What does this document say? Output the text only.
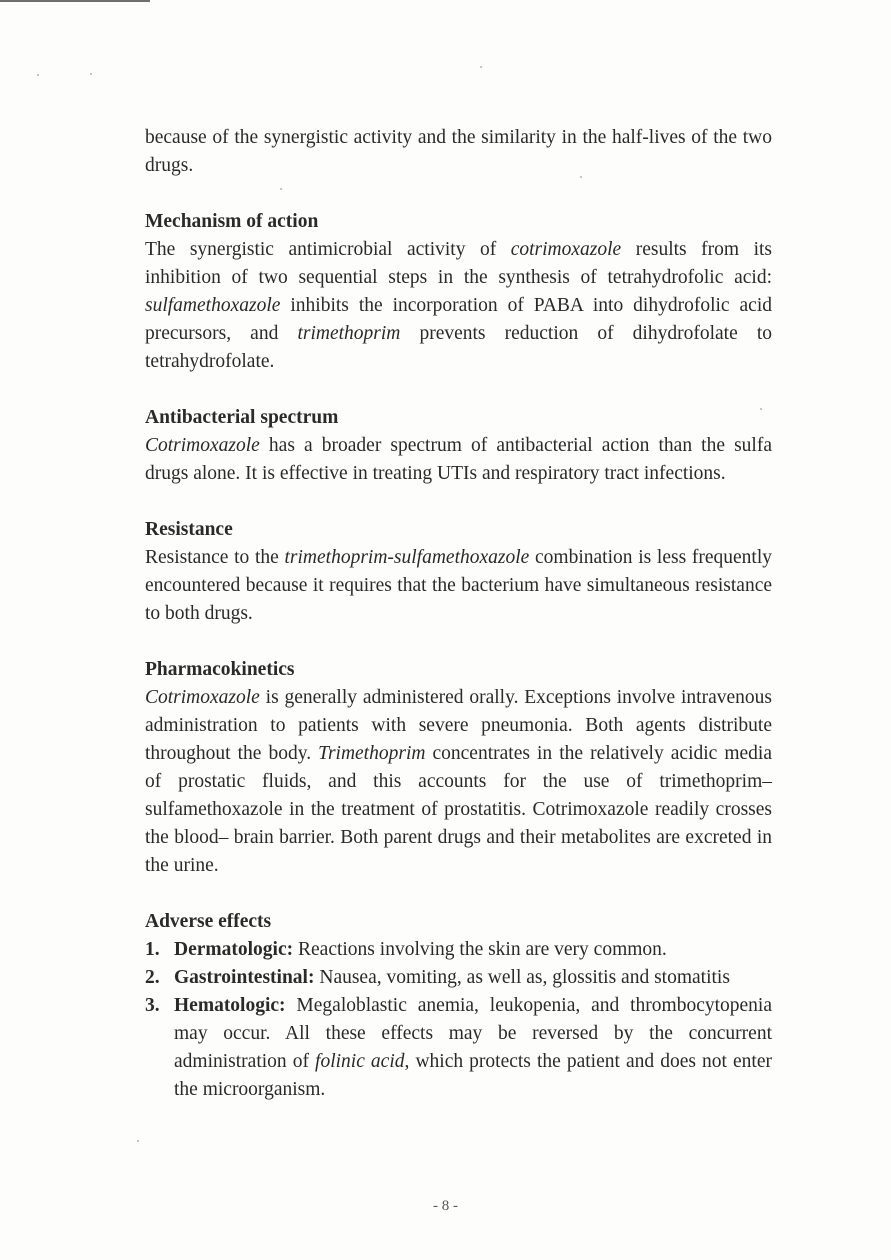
because of the synergistic activity and the similarity in the half-lives of the two drugs.

Mechanism of action

The synergistic antimicrobial activity of cotrimoxazole results from its inhibition of two sequential steps in the synthesis of tetrahydrofolic acid: sulfamethoxazole inhibits the incorporation of PABA into dihydrofolic acid precursors, and trimethoprim prevents reduction of dihydrofolate to tetrahydrofolate.

Antibacterial spectrum

Cotrimoxazole has a broader spectrum of antibacterial action than the sulfa drugs alone. It is effective in treating UTIs and respiratory tract infections.

Resistance

Resistance to the trimethoprim-sulfamethoxazole combination is less frequently encountered because it requires that the bacterium have simultaneous resistance to both drugs.

Pharmacokinetics

Cotrimoxazole is generally administered orally. Exceptions involve intravenous administration to patients with severe pneumonia. Both agents distribute throughout the body. Trimethoprim concentrates in the relatively acidic media of prostatic fluids, and this accounts for the use of trimethoprim–sulfamethoxazole in the treatment of prostatitis. Cotrimoxazole readily crosses the blood– brain barrier. Both parent drugs and their metabolites are excreted in the urine.

Adverse effects
1. Dermatologic: Reactions involving the skin are very common.
2. Gastrointestinal: Nausea, vomiting, as well as, glossitis and stomatitis
3. Hematologic: Megaloblastic anemia, leukopenia, and thrombocytopenia may occur. All these effects may be reversed by the concurrent administration of folinic acid, which protects the patient and does not enter the microorganism.
- 8 -
